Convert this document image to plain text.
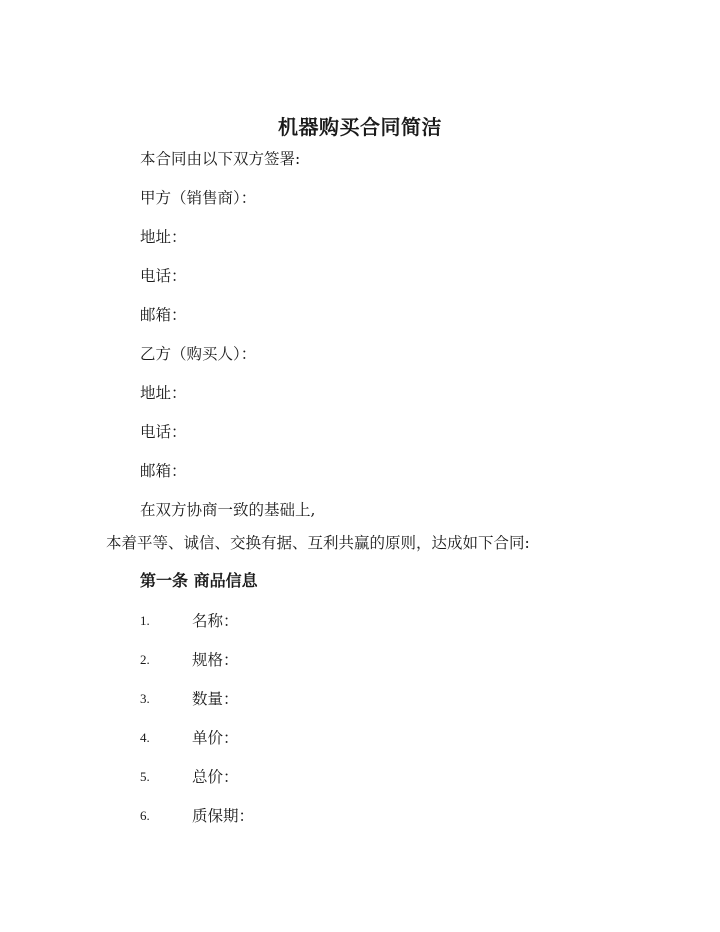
机器购买合同简洁

本合同由以下双方签署:

甲方（销售商）：

地址：

电话：

邮箱：

乙方（购买人）：

地址：

电话：

邮箱：

在双方协商一致的基础上,

本着平等、诚信、交换有据、互利共赢的原则，达成如下合同:

第一条 商品信息

1.	名称：
2.	规格：
3.	数量：
4.	单价：
5.	总价：
6.	质保期：
